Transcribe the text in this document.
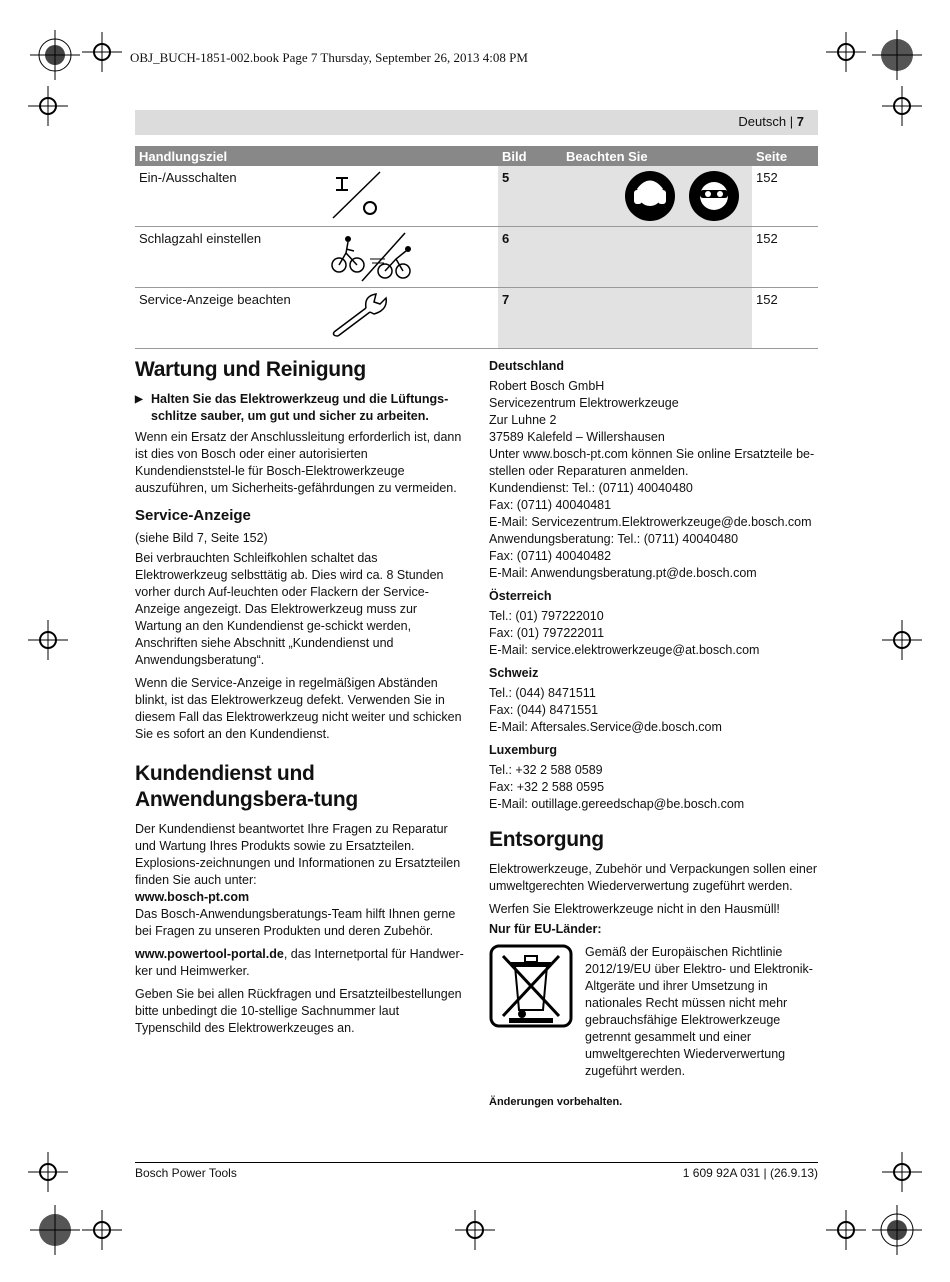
OBJ_BUCH-1851-002.book Page 7 Thursday, September 26, 2013 4:08 PM
Deutsch | 7
Handlungsziel	Bild	Beachten Sie	Seite
Ein-/Ausschalten	5		152
Schlagzahl einstellen	6		152
Service-Anzeige beachten	7		152
Wartung und Reinigung
▶ Halten Sie das Elektrowerkzeug und die Lüftungs-schlitze sauber, um gut und sicher zu arbeiten.

Wenn ein Ersatz der Anschlussleitung erforderlich ist, dann ist dies von Bosch oder einer autorisierten Kundendienststel-le für Bosch-Elektrowerkzeuge auszuführen, um Sicherheits-gefährdungen zu vermeiden.

Service-Anzeige

(siehe Bild 7, Seite 152)

Bei verbrauchten Schleifkohlen schaltet das Elektrowerkzeug selbsttätig ab. Dies wird ca. 8 Stunden vorher durch Auf-leuchten oder Flackern der Service-Anzeige angezeigt. Das Elektrowerkzeug muss zur Wartung an den Kundendienst ge-schickt werden, Anschriften siehe Abschnitt „Kundendienst und Anwendungsberatung“.

Wenn die Service-Anzeige in regelmäßigen Abständen blinkt, ist das Elektrowerkzeug defekt. Verwenden Sie in diesem Fall das Elektrowerkzeug nicht weiter und schicken Sie es sofort an den Kundendienst.

Kundendienst und Anwendungsbera-tung

Der Kundendienst beantwortet Ihre Fragen zu Reparatur und Wartung Ihres Produkts sowie zu Ersatzteilen. Explosions-zeichnungen und Informationen zu Ersatzteilen finden Sie auch unter:

www.bosch-pt.com

Das Bosch-Anwendungsberatungs-Team hilft Ihnen gerne bei Fragen zu unseren Produkten und deren Zubehör.

www.powertool-portal.de, das Internetportal für Handwer-ker und Heimwerker.

Geben Sie bei allen Rückfragen und Ersatzteilbestellungen bitte unbedingt die 10-stellige Sachnummer laut Typenschild des Elektrowerkzeuges an.

Deutschland
Robert Bosch GmbH
Servicezentrum Elektrowerkzeuge
Zur Luhne 2
37589 Kalefeld – Willershausen
Unter www.bosch-pt.com können Sie online Ersatzteile be-
stellen oder Reparaturen anmelden.
Kundendienst: Tel.: (0711) 40040480
Fax: (0711) 40040481
E-Mail: Servicezentrum.Elektrowerkzeuge@de.bosch.com
Anwendungsberatung: Tel.: (0711) 40040480
Fax: (0711) 40040482
E-Mail: Anwendungsberatung.pt@de.bosch.com
Österreich
Tel.: (01) 797222010
Fax: (01) 797222011
E-Mail: service.elektrowerkzeuge@at.bosch.com
Schweiz
Tel.: (044) 8471511
Fax: (044) 8471551
E-Mail: Aftersales.Service@de.bosch.com
Luxemburg
Tel.: +32 2 588 0589
Fax: +32 2 588 0595
E-Mail: outillage.gereedschap@be.bosch.com
Entsorgung

Elektrowerkzeuge, Zubehör und Verpackungen sollen einer umweltgerechten Wiederverwertung zugeführt werden.

Werfen Sie Elektrowerkzeuge nicht in den Hausmüll!

Nur für EU-Länder:

Gemäß der Europäischen Richtlinie 2012/19/EU über Elektro- und Elektronik-Altgeräte und ihrer Umsetzung in nationales Recht müssen nicht mehr gebrauchsfähige Elektrowerkzeuge getrennt gesammelt und einer umweltgerechten Wiederverwertung zugeführt werden.

Änderungen vorbehalten.

Bosch Power Tools	1 609 92A 031 | (26.9.13)
